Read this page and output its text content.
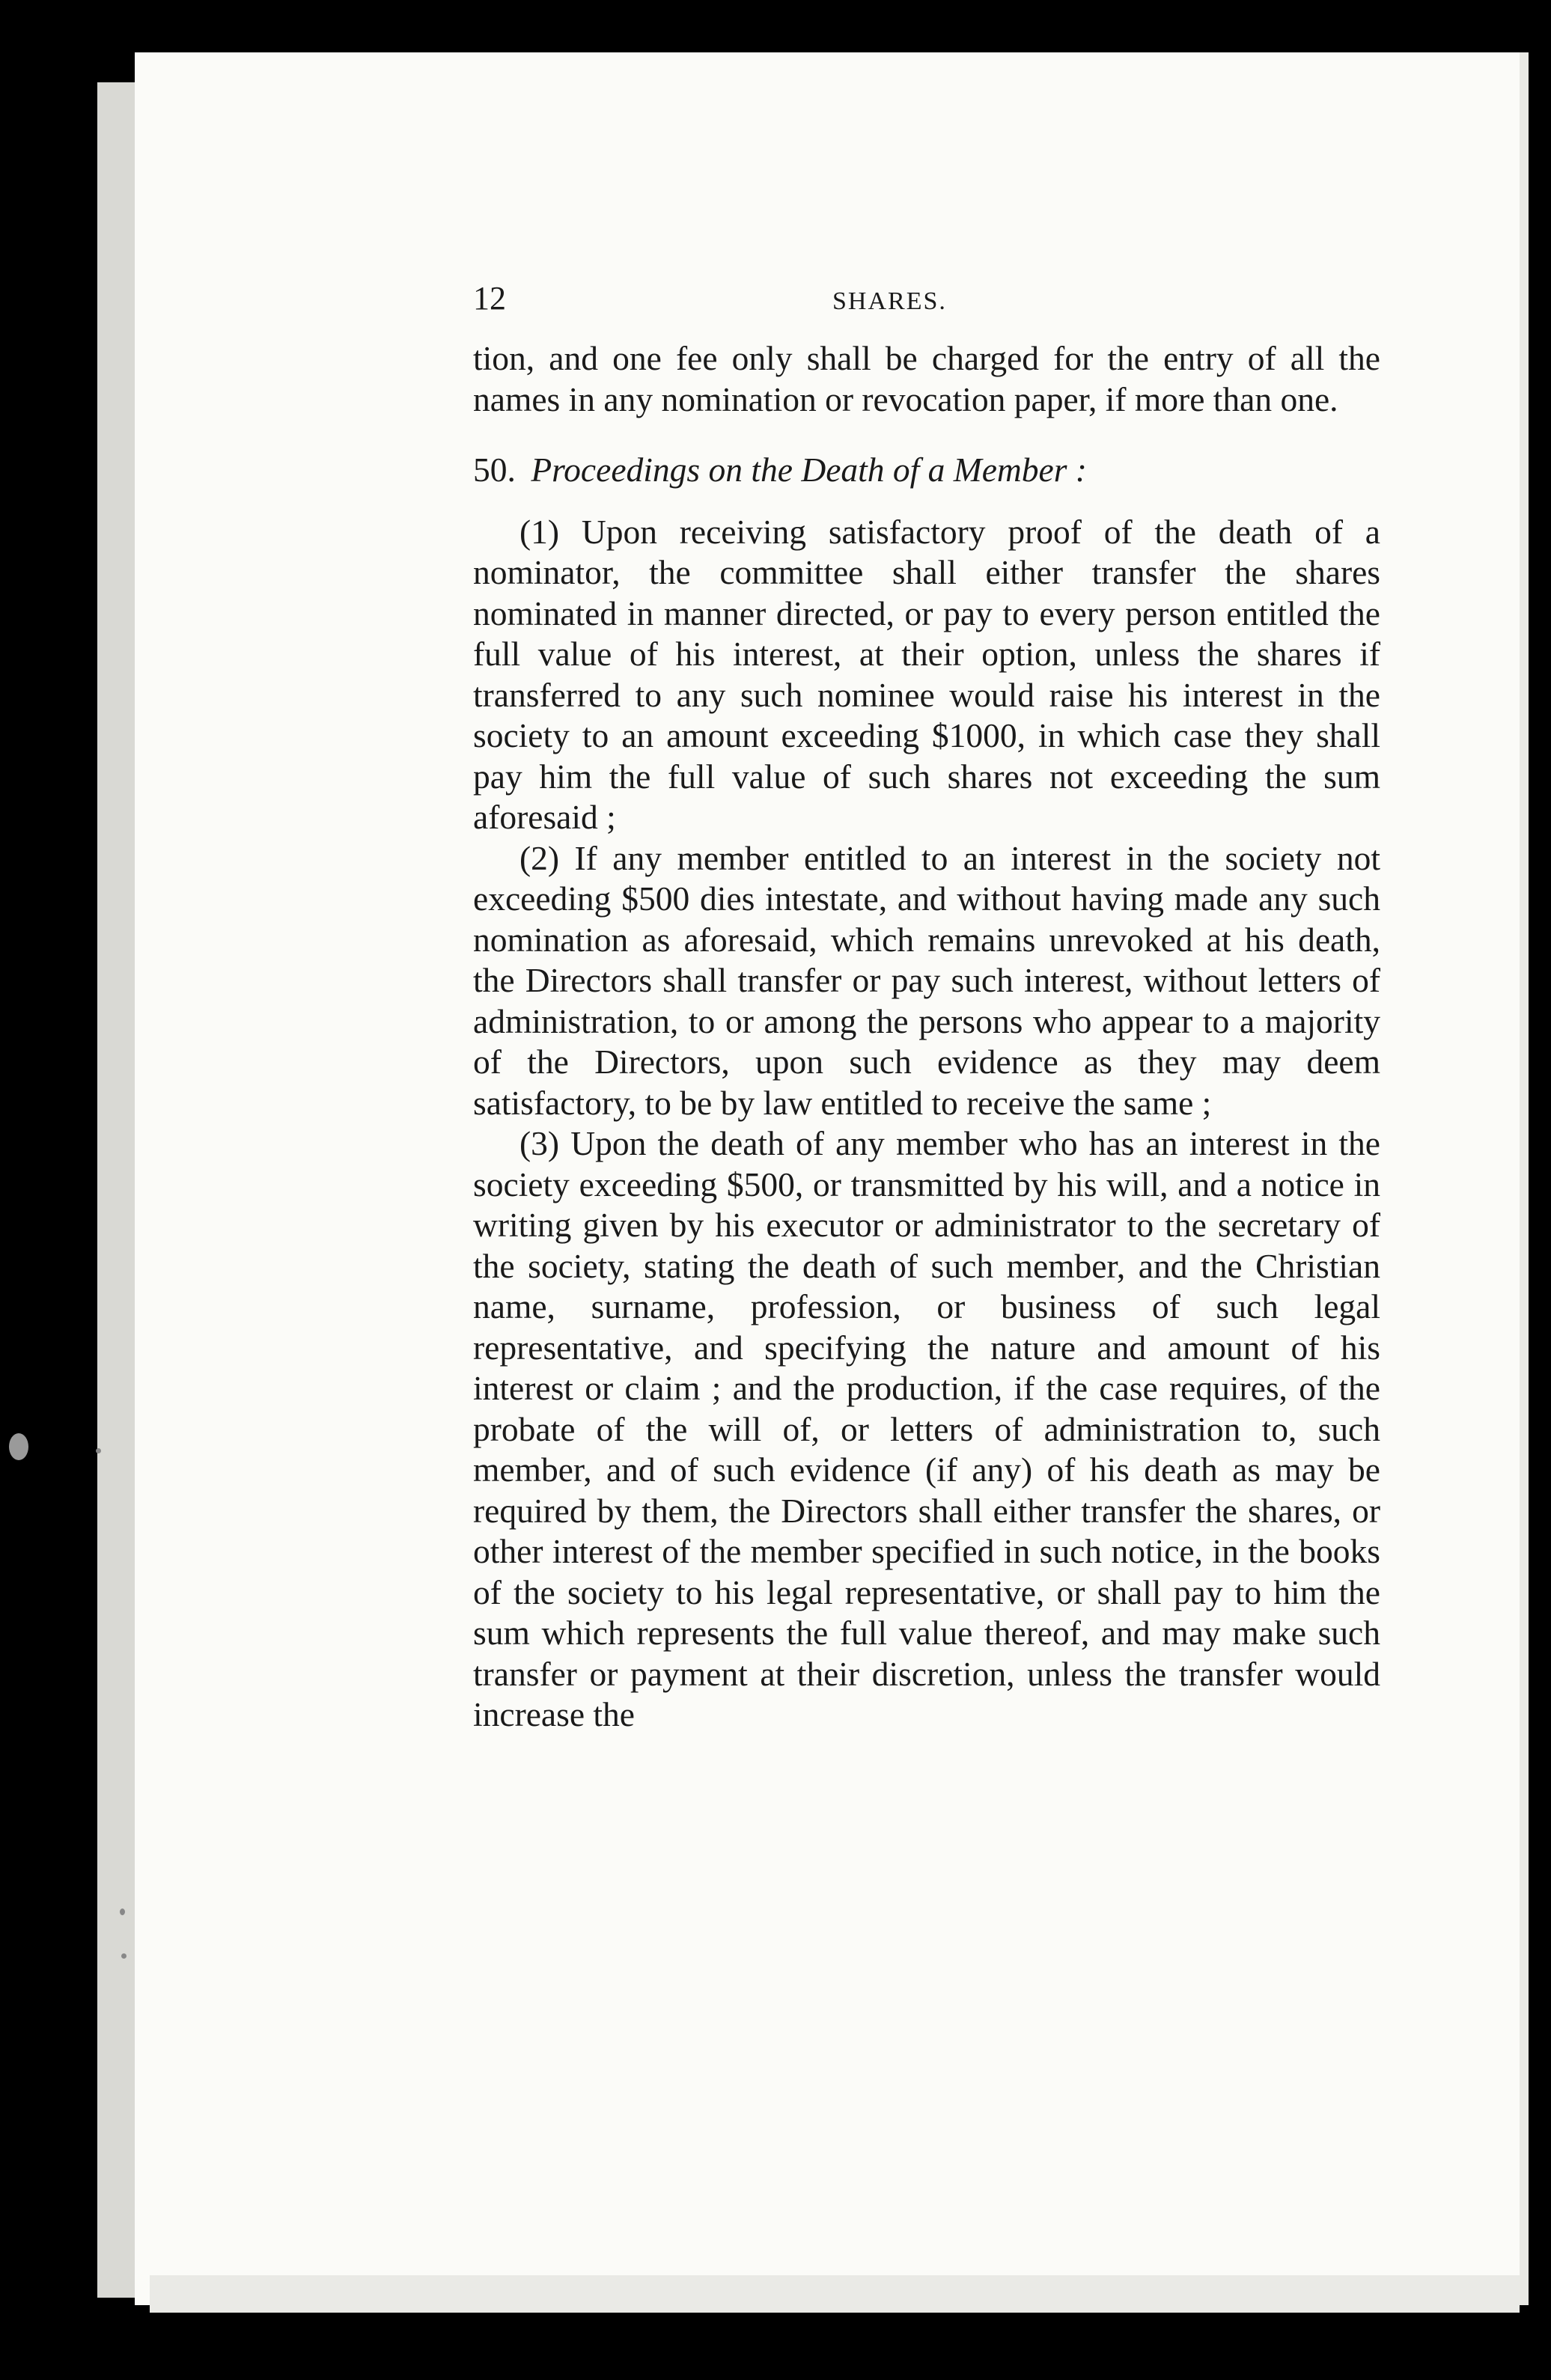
12	SHARES.

tion, and one fee only shall be charged for the entry of all the names in any nomination or revocation paper, if more than one.

50. Proceedings on the Death of a Member :

(1) Upon receiving satisfactory proof of the death of a nominator, the committee shall either transfer the shares nominated in manner directed, or pay to every person entitled the full value of his interest, at their option, unless the shares if transferred to any such nominee would raise his interest in the society to an amount exceeding $1000, in which case they shall pay him the full value of such shares not exceeding the sum aforesaid ;

(2) If any member entitled to an interest in the society not exceeding $500 dies intestate, and without having made any such nomination as aforesaid, which remains unrevoked at his death, the Directors shall transfer or pay such interest, without letters of administration, to or among the persons who appear to a majority of the Directors, upon such evidence as they may deem satisfactory, to be by law entitled to receive the same ;

(3) Upon the death of any member who has an interest in the society exceeding $500, or transmitted by his will, and a notice in writing given by his executor or administrator to the secretary of the society, stating the death of such member, and the Christian name, surname, profession, or business of such legal representative, and specifying the nature and amount of his interest or claim ; and the production, if the case requires, of the probate of the will of, or letters of administration to, such member, and of such evidence (if any) of his death as may be required by them, the Directors shall either transfer the shares, or other interest of the member specified in such notice, in the books of the society to his legal representative, or shall pay to him the sum which represents the full value thereof, and may make such transfer or payment at their discretion, unless the transfer would increase the
